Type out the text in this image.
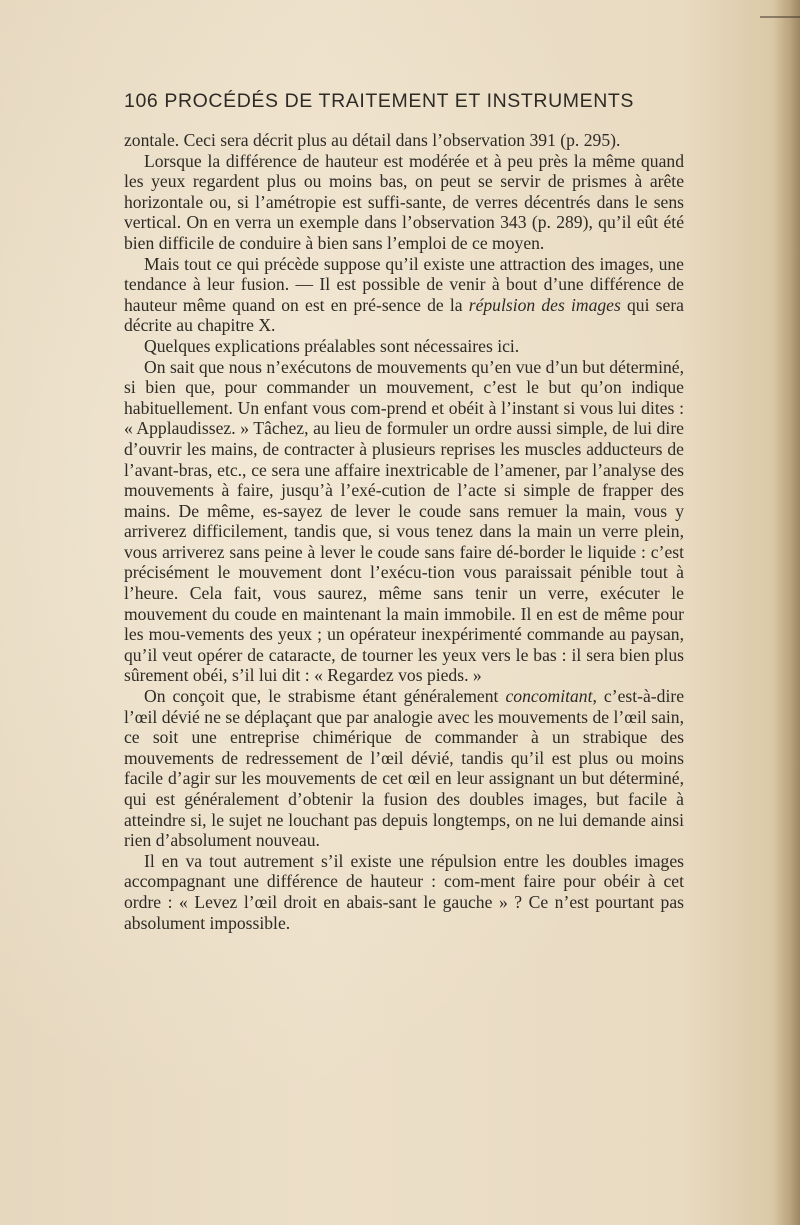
106 PROCÉDÉS DE TRAITEMENT ET INSTRUMENTS

zontale. Ceci sera décrit plus au détail dans l’observation 391 (p. 295).

Lorsque la différence de hauteur est modérée et à peu près la même quand les yeux regardent plus ou moins bas, on peut se servir de prismes à arête horizontale ou, si l’amétropie est suffi-sante, de verres décentrés dans le sens vertical. On en verra un exemple dans l’observation 343 (p. 289), qu’il eût été bien difficile de conduire à bien sans l’emploi de ce moyen.

Mais tout ce qui précède suppose qu’il existe une attraction des images, une tendance à leur fusion. — Il est possible de venir à bout d’une différence de hauteur même quand on est en pré-sence de la répulsion des images qui sera décrite au chapitre X.

Quelques explications préalables sont nécessaires ici.

On sait que nous n’exécutons de mouvements qu’en vue d’un but déterminé, si bien que, pour commander un mouvement, c’est le but qu’on indique habituellement. Un enfant vous com-prend et obéit à l’instant si vous lui dites : « Applaudissez. » Tâchez, au lieu de formuler un ordre aussi simple, de lui dire d’ouvrir les mains, de contracter à plusieurs reprises les muscles adducteurs de l’avant-bras, etc., ce sera une affaire inextricable de l’amener, par l’analyse des mouvements à faire, jusqu’à l’exé-cution de l’acte si simple de frapper des mains. De même, es-sayez de lever le coude sans remuer la main, vous y arriverez difficilement, tandis que, si vous tenez dans la main un verre plein, vous arriverez sans peine à lever le coude sans faire dé-border le liquide : c’est précisément le mouvement dont l’exécu-tion vous paraissait pénible tout à l’heure. Cela fait, vous saurez, même sans tenir un verre, exécuter le mouvement du coude en maintenant la main immobile. Il en est de même pour les mou-vements des yeux ; un opérateur inexpérimenté commande au paysan, qu’il veut opérer de cataracte, de tourner les yeux vers le bas : il sera bien plus sûrement obéi, s’il lui dit : « Regardez vos pieds. »

On conçoit que, le strabisme étant généralement concomitant, c’est-à-dire l’œil dévié ne se déplaçant que par analogie avec les mouvements de l’œil sain, ce soit une entreprise chimérique de commander à un strabique des mouvements de redressement de l’œil dévié, tandis qu’il est plus ou moins facile d’agir sur les mouvements de cet œil en leur assignant un but déterminé, qui est généralement d’obtenir la fusion des doubles images, but facile à atteindre si, le sujet ne louchant pas depuis longtemps, on ne lui demande ainsi rien d’absolument nouveau.

Il en va tout autrement s’il existe une répulsion entre les doubles images accompagnant une différence de hauteur : com-ment faire pour obéir à cet ordre : « Levez l’œil droit en abais-sant le gauche » ? Ce n’est pourtant pas absolument impossible.
